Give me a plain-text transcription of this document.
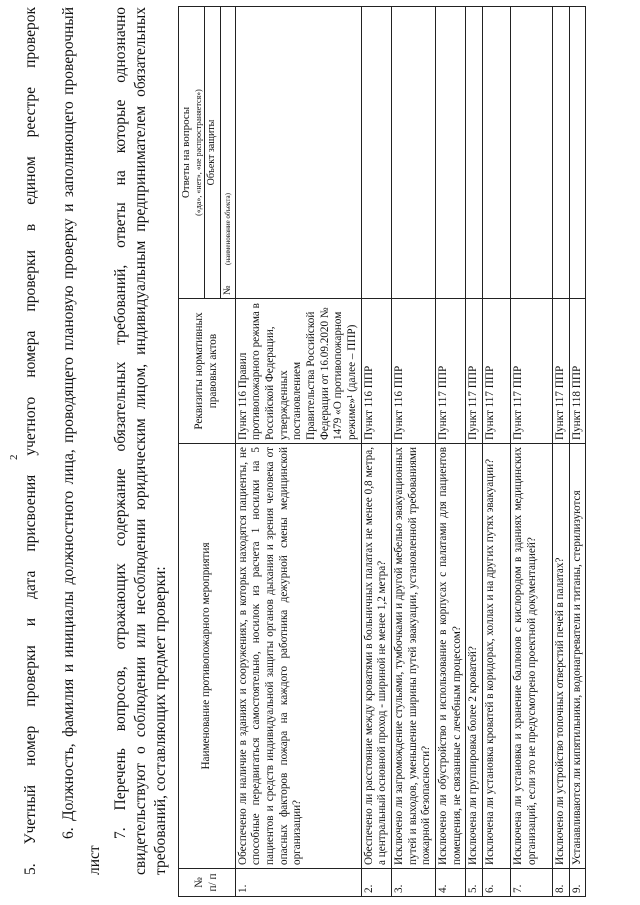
2 5. Учетный номер проверки и дата присвоения учетного номера проверки в едином реестре проверок 6. Должность, фамилия и инициалы должностного лица, проводящего плановую проверку и заполняющего проверочный
лист
7. Перечень вопросов, отражающих содержание обязательных требований, ответы на которые однозначно свидетельствуют о соблюдении или несоблюдении юридическим лицом, индивидуальным предпринимателем обязательных требований, составляющих предмет проверки:
№ п/ п	Наименование противопожарного мероприятия	Реквизиты нормативных правовых актов	Ответы на вопросы («да», «нет», «не распространяется»)

			Объект защиты
			№ (наименование объекта)
1.	Обеспечено ли наличие в зданиях и сооружениях, в которых находятся пациенты, не способные передвигаться самостоятельно, носилок из расчета 1 носилки на 5 пациентов и средств индивидуальной защиты органов дыхания и зрения человека от опасных факторов пожара на каждого работника дежурной смены медицинской организации?	Пункт 116 Правил противопожарного режима в Российской Федерации, утвержденных постановлением Правительства Российской Федерации от 16.09.2020 № 1479 «О противопожарном режиме»¹ (далее – ППР)	
2.	Обеспечено ли расстояние между кроватями в больничных палатах не менее 0,8 метра, а центральный основной проход - шириной не менее 1,2 метра?	Пункт 116 ППР	
3.	Исключено ли загромождение стульями, тумбочками и другой мебелью эвакуационных путей и выходов, уменьшение ширины путей эвакуации, установленной требованиями пожарной безопасности?	Пункт 116 ППР	
4.	Исключено ли обустройство и использование в корпусах с палатами для пациентов помещения, не связанные с лечебным процессом?	Пункт 117 ППР	
5.	Исключена ли группировка более 2 кроватей?	Пункт 117 ППР	
6.	Исключена ли установка кроватей в коридорах, холлах и на других путях эвакуации?	Пункт 117 ППР	
7.	Исключена ли установка и хранение баллонов с кислородом в зданиях медицинских организаций, если это не предусмотрено проектной документацией?	Пункт 117 ППР	
8.	Исключено ли устройство топочных отверстий печей в палатах?	Пункт 117 ППР	
9.	Устанавливаются ли кипятильники, водонагреватели и титаны, стерилизуются	Пункт 118 ППР	
